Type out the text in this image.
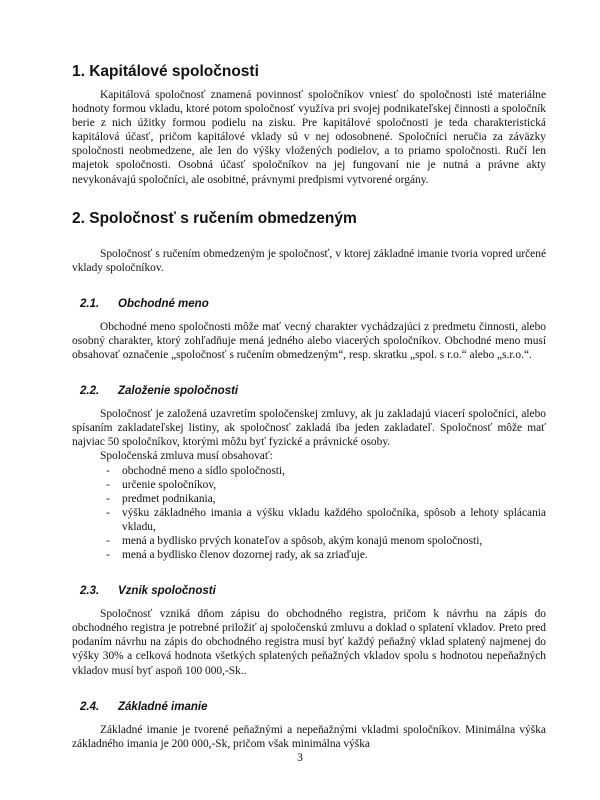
1. Kapitálové spoločnosti

Kapitálová spoločnosť znamená povinnosť spoločníkov vniesť do spoločnosti isté materiálne hodnoty formou vkladu, ktoré potom spoločnosť využíva pri svojej podnikateľskej činnosti a spoločník berie z nich úžitky formou podielu na zisku. Pre kapitálové spoločnosti je teda charakteristická kapitálová účasť, pričom kapitálové vklady sú v nej odosobnené. Spoločníci neručia za záväzky spoločnosti neobmedzene, ale len do výšky vložených podielov, a to priamo spoločnosti. Ručí len majetok spoločnosti. Osobná účasť spoločníkov na jej fungovaní nie je nutná a právne akty nevykonávajú spoločníci, ale osobitné, právnymi predpismi vytvorené orgány.

2. Spoločnosť s ručením obmedzeným

Spoločnosť s ručením obmedzeným je spoločnosť, v ktorej základné imanie tvoria vopred určené vklady spoločníkov.

2.1. Obchodné meno

Obchodné meno spoločnosti môže mať vecný charakter vychádzajúci z predmetu činnosti, alebo osobný charakter, ktorý zohľadňuje mená jedného alebo viacerých spoločníkov. Obchodné meno musí obsahovať označenie „spoločnosť s ručením obmedzeným“, resp. skratku „spol. s r.o.“ alebo „s.r.o.“.

2.2. Založenie spoločnosti

Spoločnosť je založená uzavretím spoločenskej zmluvy, ak ju zakladajú viacerí spoločníci, alebo spísaním zakladateľskej listiny, ak spoločnosť zakladá iba jeden zakladateľ. Spoločnosť môže mať najviac 50 spoločníkov, ktorými môžu byť fyzické a právnické osoby.

Spoločenská zmluva musí obsahovať:

- obchodné meno a sídlo spoločnosti,
- určenie spoločníkov,
- predmet podnikania,
- výšku základného imania a výšku vkladu každého spoločníka, spôsob a lehoty splácania vkladu,
- mená a bydlisko prvých konateľov a spôsob, akým konajú menom spoločnosti,
- mená a bydlisko členov dozornej rady, ak sa zriaďuje.
2.3. Vznik spoločnosti

Spoločnosť vzniká dňom zápisu do obchodného registra, pričom k návrhu na zápis do obchodného registra je potrebné priložiť aj spoločenskú zmluvu a doklad o splatení vkladov. Preto pred podaním návrhu na zápis do obchodného registra musí byť každý peňažný vklad splatený najmenej do výšky 30% a celková hodnota všetkých splatených peňažných vkladov spolu s hodnotou nepeňažných vkladov musí byť aspoň 100 000,-Sk..

2.4. Základné imanie

Základné imanie je tvorené peňažnými a nepeňažnými vkladmi spoločníkov. Minimálna výška základného imania je 200 000,-Sk, pričom však minimálna výška

3
